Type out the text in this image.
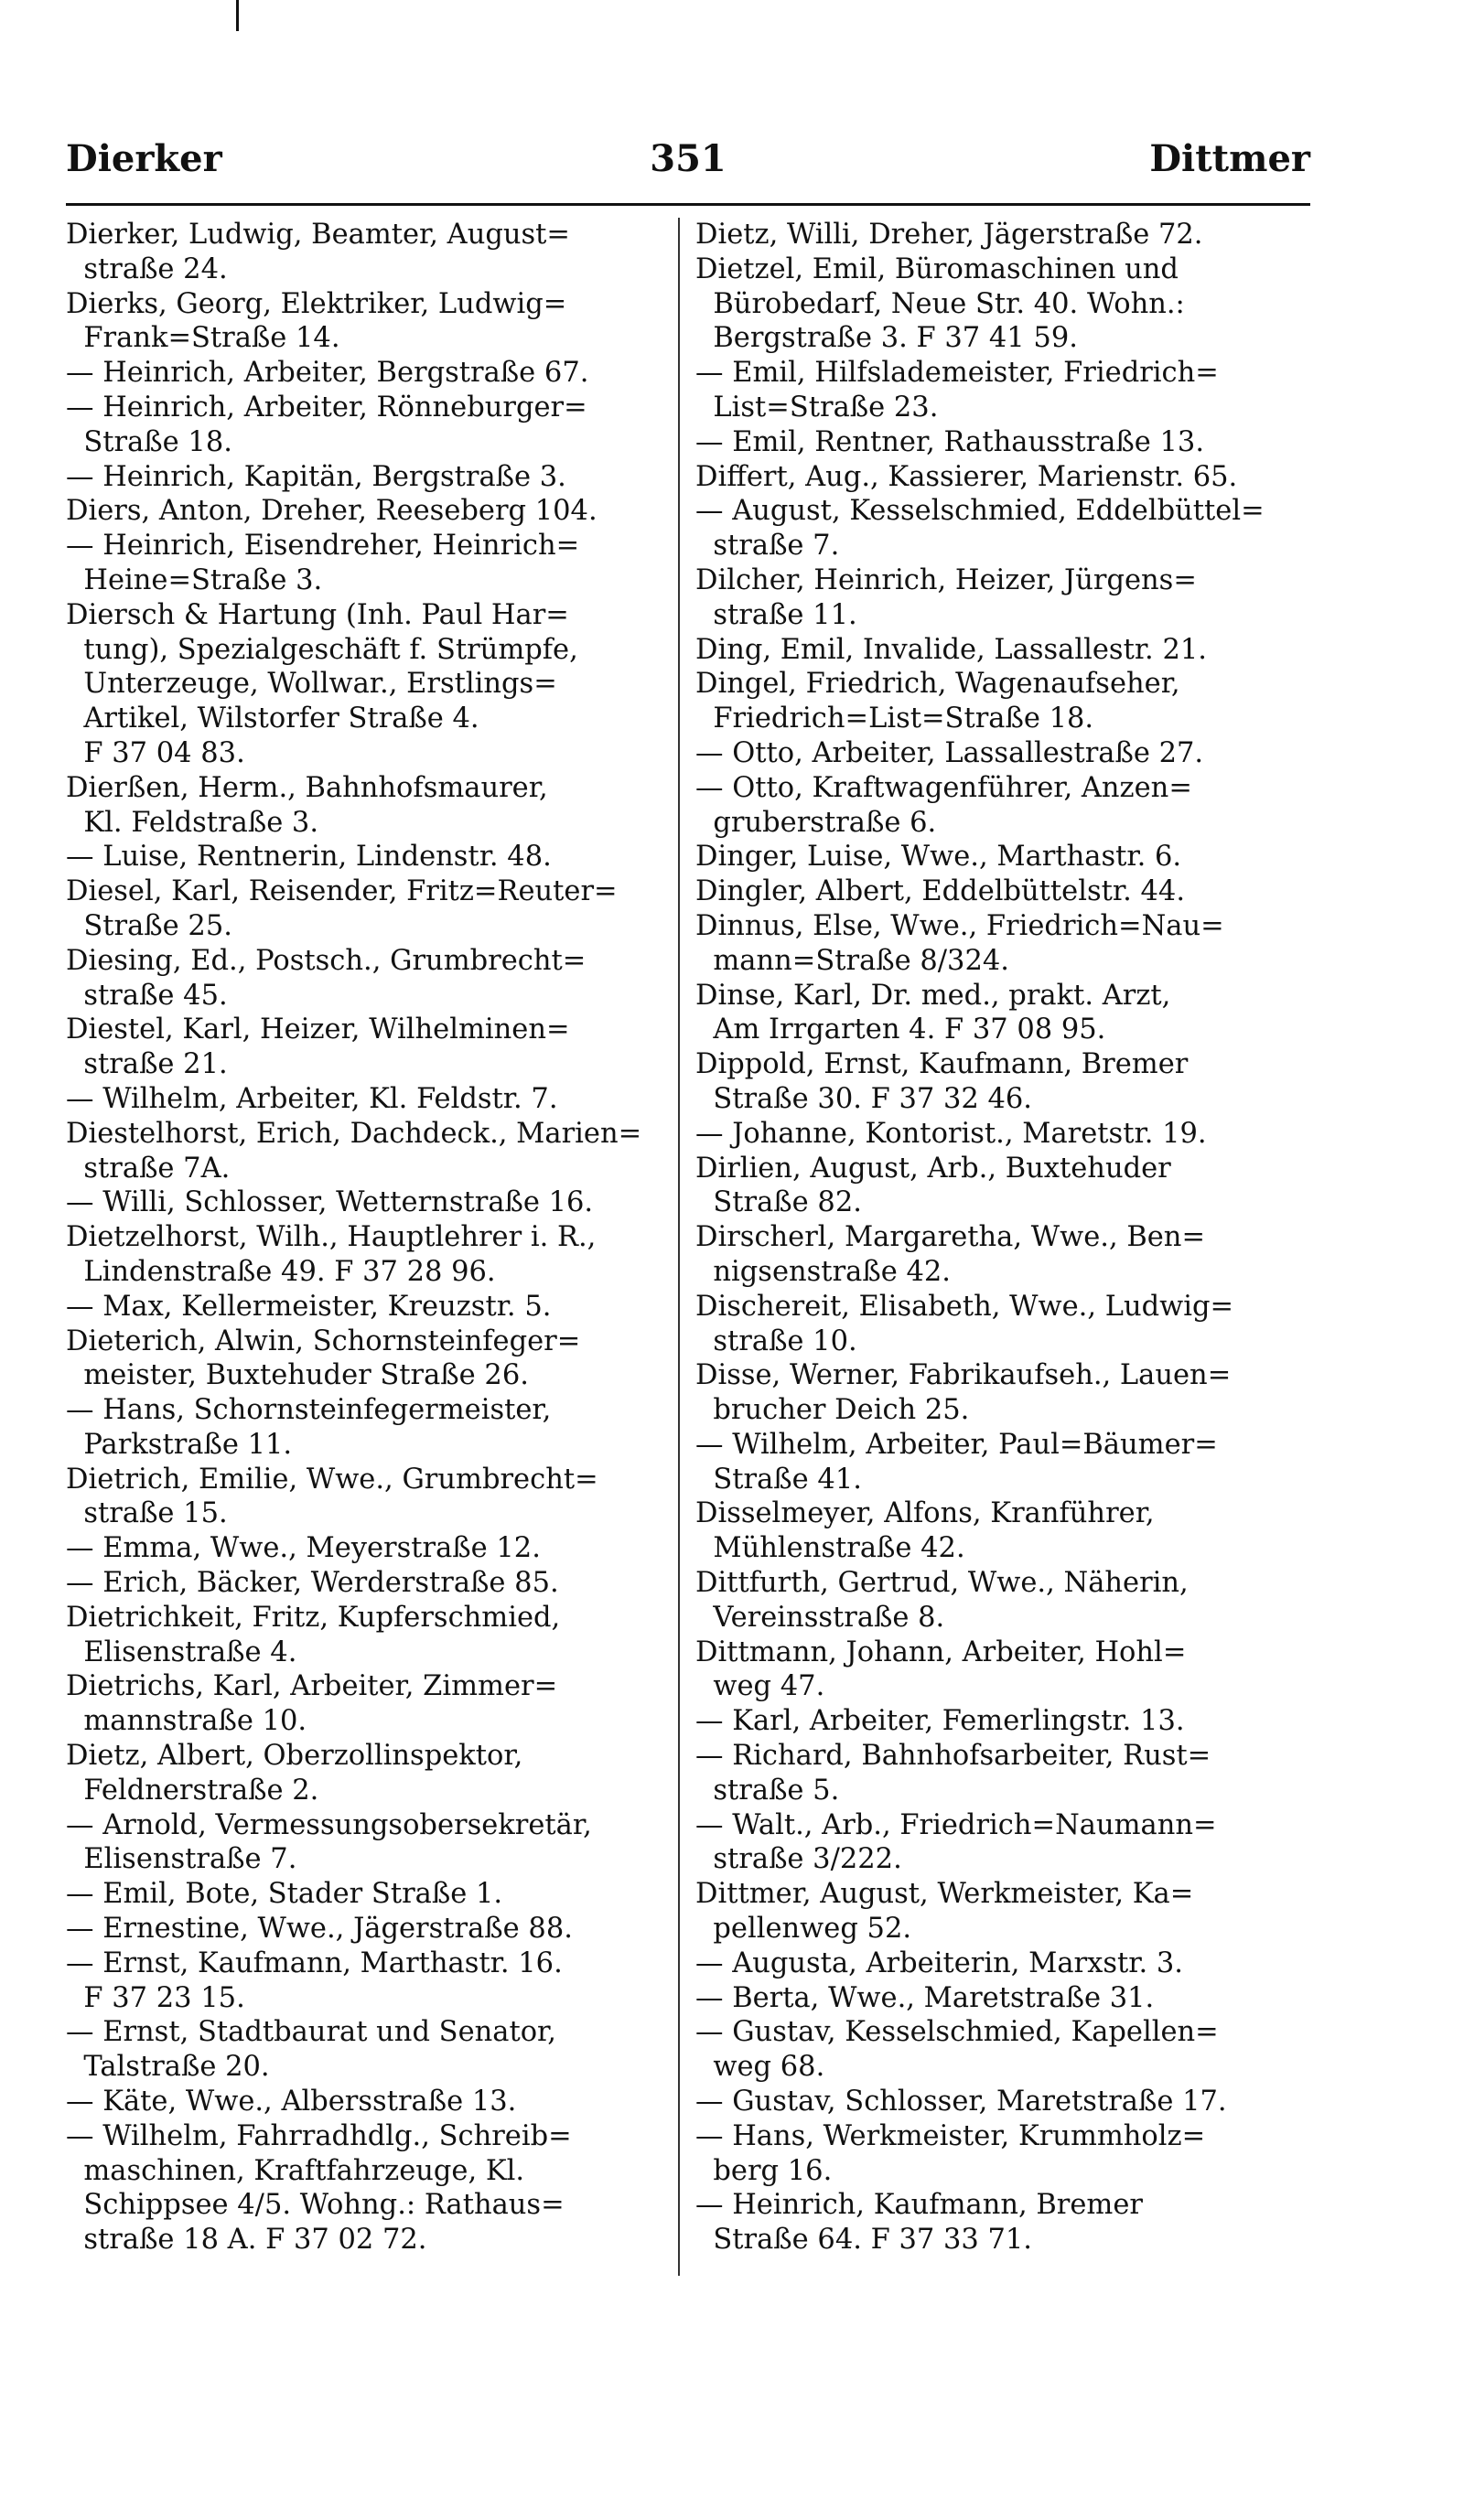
Dierker	351	Dittmer
Dierker, Ludwig, Beamter, August=
straße 24.
Dierks, Georg, Elektriker, Ludwig=
Frank=Straße 14.
— Heinrich, Arbeiter, Bergstraße 67.
— Heinrich, Arbeiter, Rönneburger=
Straße 18.
— Heinrich, Kapitän, Bergstraße 3.
Diers, Anton, Dreher, Reeseberg 104.
— Heinrich, Eisendreher, Heinrich=
Heine=Straße 3.
Diersch & Hartung (Inh. Paul Har=
tung), Spezialgeschäft f. Strümpfe,
Unterzeuge, Wollwar., Erstlings=
Artikel, Wilstorfer Straße 4.
F 37 04 83.
Dierßen, Herm., Bahnhofsmaurer,
Kl. Feldstraße 3.
— Luise, Rentnerin, Lindenstr. 48.
Diesel, Karl, Reisender, Fritz=Reuter=
Straße 25.
Diesing, Ed., Postsch., Grumbrecht=
straße 45.
Diestel, Karl, Heizer, Wilhelminen=
straße 21.
— Wilhelm, Arbeiter, Kl. Feldstr. 7.
Diestelhorst, Erich, Dachdeck., Marien=
straße 7A.
— Willi, Schlosser, Wetternstraße 16.
Dietzelhorst, Wilh., Hauptlehrer i. R.,
Lindenstraße 49. F 37 28 96.
— Max, Kellermeister, Kreuzstr. 5.
Dieterich, Alwin, Schornsteinfeger=
meister, Buxtehuder Straße 26.
— Hans, Schornsteinfegermeister,
Parkstraße 11.
Dietrich, Emilie, Wwe., Grumbrecht=
straße 15.
— Emma, Wwe., Meyerstraße 12.
— Erich, Bäcker, Werderstraße 85.
Dietrichkeit, Fritz, Kupferschmied,
Elisenstraße 4.
Dietrichs, Karl, Arbeiter, Zimmer=
mannstraße 10.
Dietz, Albert, Oberzollinspektor,
Feldnerstraße 2.
— Arnold, Vermessungsobersekretär,
Elisenstraße 7.
— Emil, Bote, Stader Straße 1.
— Ernestine, Wwe., Jägerstraße 88.
— Ernst, Kaufmann, Marthastr. 16.
F 37 23 15.
— Ernst, Stadtbaurat und Senator,
Talstraße 20.
— Käte, Wwe., Albersstraße 13.
— Wilhelm, Fahrradhdlg., Schreib=
maschinen, Kraftfahrzeuge, Kl.
Schippsee 4/5. Wohng.: Rathaus=
straße 18 A. F 37 02 72.
Dietz, Willi, Dreher, Jägerstraße 72.
Dietzel, Emil, Büromaschinen und
Bürobedarf, Neue Str. 40. Wohn.:
Bergstraße 3. F 37 41 59.
— Emil, Hilfslademeister, Friedrich=
List=Straße 23.
— Emil, Rentner, Rathausstraße 13.
Differt, Aug., Kassierer, Marienstr. 65.
— August, Kesselschmied, Eddelbüttel=
straße 7.
Dilcher, Heinrich, Heizer, Jürgens=
straße 11.
Ding, Emil, Invalide, Lassallestr. 21.
Dingel, Friedrich, Wagenaufseher,
Friedrich=List=Straße 18.
— Otto, Arbeiter, Lassallestraße 27.
— Otto, Kraftwagenführer, Anzen=
gruberstraße 6.
Dinger, Luise, Wwe., Marthastr. 6.
Dingler, Albert, Eddelbüttelstr. 44.
Dinnus, Else, Wwe., Friedrich=Nau=
mann=Straße 8/324.
Dinse, Karl, Dr. med., prakt. Arzt,
Am Irrgarten 4. F 37 08 95.
Dippold, Ernst, Kaufmann, Bremer
Straße 30. F 37 32 46.
— Johanne, Kontorist., Maretstr. 19.
Dirlien, August, Arb., Buxtehuder
Straße 82.
Dirscherl, Margaretha, Wwe., Ben=
nigsenstraße 42.
Dischereit, Elisabeth, Wwe., Ludwig=
straße 10.
Disse, Werner, Fabrikaufseh., Lauen=
bruchеr Deich 25.
— Wilhelm, Arbeiter, Paul=Bäumer=
Straße 41.
Disselmeyer, Alfons, Kranführer,
Mühlenstraße 42.
Dittfurth, Gertrud, Wwe., Näherin,
Vereinsstraße 8.
Dittmann, Johann, Arbeiter, Hohl=
weg 47.
— Karl, Arbeiter, Femerlingstr. 13.
— Richard, Bahnhofsarbeiter, Rust=
straße 5.
— Walt., Arb., Friedrich=Naumann=
straße 3/222.
Dittmer, August, Werkmeister, Ka=
pellenweg 52.
— Augusta, Arbeiterin, Marxstr. 3.
— Berta, Wwe., Maretstraße 31.
— Gustav, Kesselschmied, Kapellen=
weg 68.
— Gustav, Schlosser, Maretstraße 17.
— Hans, Werkmeister, Krummholz=
berg 16.
— Heinrich, Kaufmann, Bremer
Straße 64. F 37 33 71.
